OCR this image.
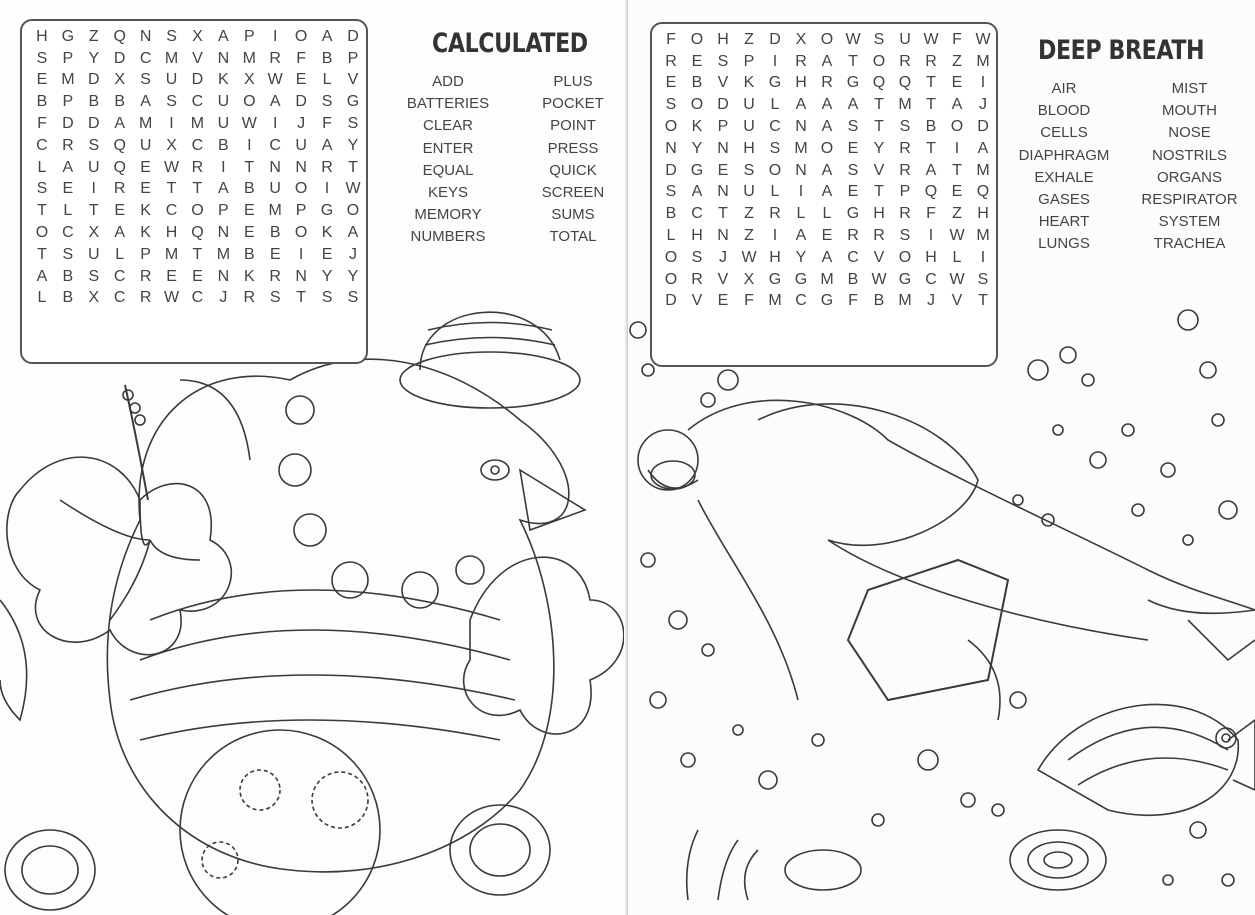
H	G	Z	Q	N	S	X	A	P	I	O	A	D
S	P	Y	D	C	M	V	N	M	R	F	B	P
E	M	D	X	S	U	D	K	X	W	E	L	V
B	P	B	B	A	S	C	U	O	A	D	S	G
F	D	D	A	M	I	M	U	W	I	J	F	S
C	R	S	Q	U	X	C	B	I	C	U	A	Y
L	A	U	Q	E	W	R	I	T	N	N	R	T
S	E	I	R	E	T	T	A	B	U	O	I	W
T	L	T	E	K	C	O	P	E	M	P	G	O
O	C	X	A	K	H	Q	N	E	B	O	K	A
T	S	U	L	P	M	T	M	B	E	I	E	J
A	B	S	C	R	E	E	N	K	R	N	Y	Y
L	B	X	C	R	W	C	J	R	S	T	S	S
CALCULATED
ADD
BATTERIES
CLEAR
ENTER
EQUAL
KEYS
MEMORY
NUMBERS
PLUS
POCKET
POINT
PRESS
QUICK
SCREEN
SUMS
TOTAL
F	O	H	Z	D	X	O	W	S	U	W	F	W
R	E	S	P	I	R	A	T	O	R	R	Z	M
E	B	V	K	G	H	R	G	Q	Q	T	E	I
S	O	D	U	L	A	A	A	T	M	T	A	J
O	K	P	U	C	N	A	S	T	S	B	O	D
N	Y	N	H	S	M	O	E	Y	R	T	I	A
D	G	E	S	O	N	A	S	V	R	A	T	M
S	A	N	U	L	I	A	E	T	P	Q	E	Q
B	C	T	Z	R	L	L	G	H	R	F	Z	H
L	H	N	Z	I	A	E	R	R	S	I	W	M
O	S	J	W	H	Y	A	C	V	O	H	L	I
O	R	V	X	G	G	M	B	W	G	C	W	S
D	V	E	F	M	C	G	F	B	M	J	V	T
DEEP BREATH
AIR
BLOOD
CELLS
DIAPHRAGM
EXHALE
GASES
HEART
LUNGS
MIST
MOUTH
NOSE
NOSTRILS
ORGANS
RESPIRATOR
SYSTEM
TRACHEA
